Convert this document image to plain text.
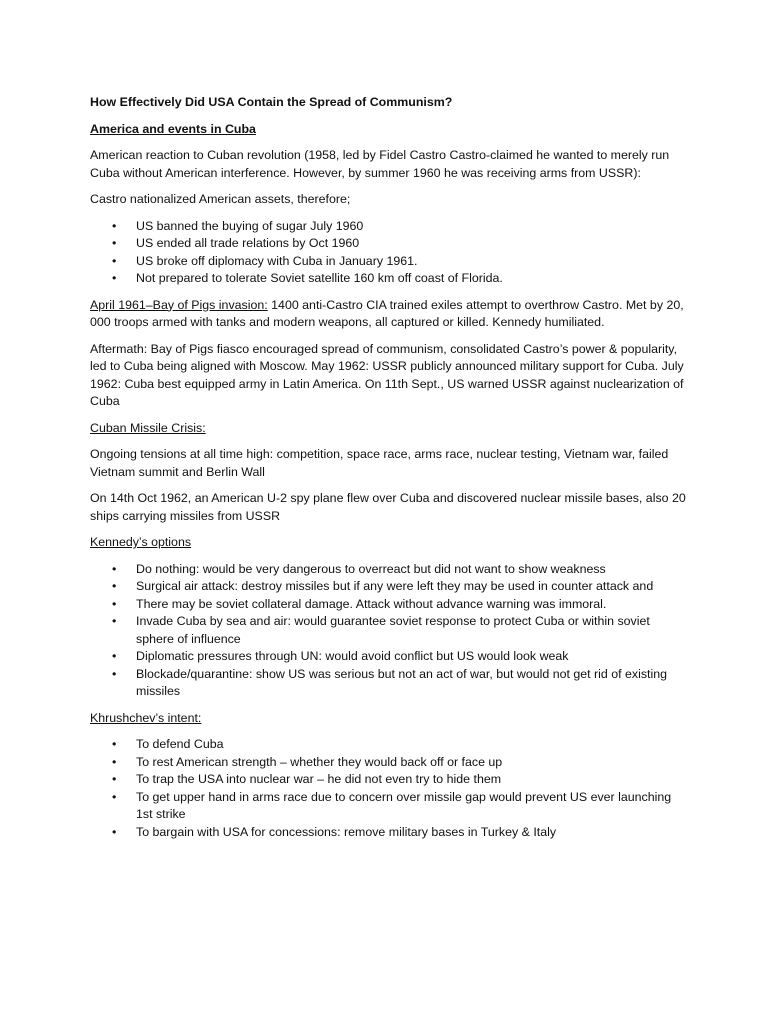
How Effectively Did USA Contain the Spread of Communism?

America and events in Cuba

American reaction to Cuban revolution (1958, led by Fidel Castro Castro-claimed he wanted to merely run Cuba without American interference. However, by summer 1960 he was receiving arms from USSR):

Castro nationalized American assets, therefore;

• US banned the buying of sugar July 1960
• US ended all trade relations by Oct 1960
• US broke off diplomacy with Cuba in January 1961.
• Not prepared to tolerate Soviet satellite 160 km off coast of Florida.

April 1961–Bay of Pigs invasion: 1400 anti-Castro CIA trained exiles attempt to overthrow Castro. Met by 20, 000 troops armed with tanks and modern weapons, all captured or killed. Kennedy humiliated.

Aftermath: Bay of Pigs fiasco encouraged spread of communism, consolidated Castro’s power & popularity, led to Cuba being aligned with Moscow. May 1962: USSR publicly announced military support for Cuba. July 1962: Cuba best equipped army in Latin America. On 11th Sept., US warned USSR against nuclearization of Cuba

Cuban Missile Crisis:

Ongoing tensions at all time high: competition, space race, arms race, nuclear testing, Vietnam war, failed Vietnam summit and Berlin Wall

On 14th Oct 1962, an American U-2 spy plane flew over Cuba and discovered nuclear missile bases, also 20 ships carrying missiles from USSR

Kennedy’s options

• Do nothing: would be very dangerous to overreact but did not want to show weakness
• Surgical air attack: destroy missiles but if any were left they may be used in counter attack and
• There may be soviet collateral damage. Attack without advance warning was immoral.
• Invade Cuba by sea and air: would guarantee soviet response to protect Cuba or within soviet sphere of influence
• Diplomatic pressures through UN: would avoid conflict but US would look weak
• Blockade/quarantine: show US was serious but not an act of war, but would not get rid of existing missiles

Khrushchev’s intent:

• To defend Cuba
• To rest American strength – whether they would back off or face up
• To trap the USA into nuclear war – he did not even try to hide them
• To get upper hand in arms race due to concern over missile gap would prevent US ever launching 1st strike
• To bargain with USA for concessions: remove military bases in Turkey & Italy
